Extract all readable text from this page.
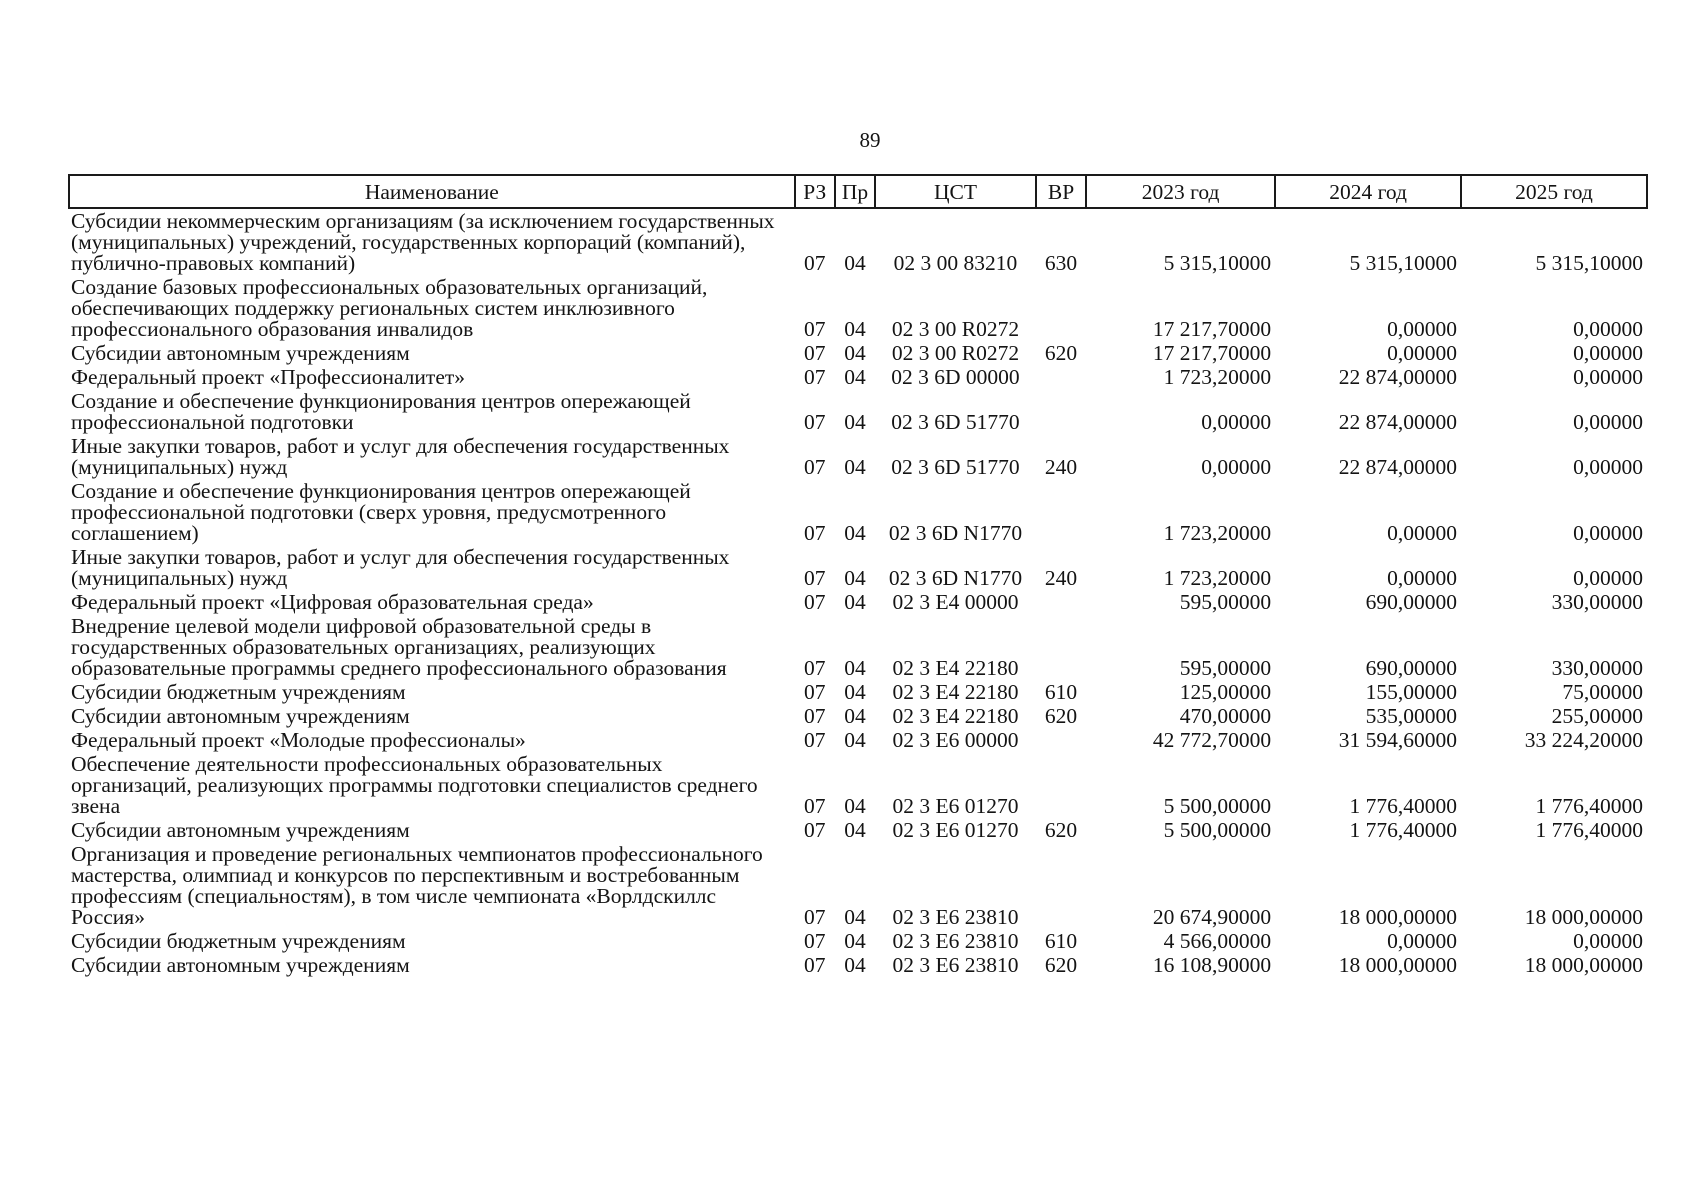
89
Наименование	РЗ	Пр	ЦСТ	ВР	2023 год	2024 год	2025 год
Субсидии некоммерческим организациям (за исключением государственных (муниципальных) учреждений, государственных корпораций (компаний), публично-правовых компаний)	07	04	02 3 00 83210	630	5 315,10000	5 315,10000	5 315,10000
Создание базовых профессиональных образовательных организаций, обеспечивающих поддержку региональных систем инклюзивного профессионального образования инвалидов	07	04	02 3 00 R0272		17 217,70000	0,00000	0,00000
Субсидии автономным учреждениям	07	04	02 3 00 R0272	620	17 217,70000	0,00000	0,00000
Федеральный проект «Профессионалитет»	07	04	02 3 6D 00000		1 723,20000	22 874,00000	0,00000
Создание и обеспечение функционирования центров опережающей профессиональной подготовки	07	04	02 3 6D 51770		0,00000	22 874,00000	0,00000
Иные закупки товаров, работ и услуг для обеспечения государственных (муниципальных) нужд	07	04	02 3 6D 51770	240	0,00000	22 874,00000	0,00000
Создание и обеспечение функционирования центров опережающей профессиональной подготовки (сверх уровня, предусмотренного соглашением)	07	04	02 3 6D N1770		1 723,20000	0,00000	0,00000
Иные закупки товаров, работ и услуг для обеспечения государственных (муниципальных) нужд	07	04	02 3 6D N1770	240	1 723,20000	0,00000	0,00000
Федеральный проект «Цифровая образовательная среда»	07	04	02 3 E4 00000		595,00000	690,00000	330,00000
Внедрение целевой модели цифровой образовательной среды в государственных образовательных организациях, реализующих образовательные программы среднего профессионального образования	07	04	02 3 E4 22180		595,00000	690,00000	330,00000
Субсидии бюджетным учреждениям	07	04	02 3 E4 22180	610	125,00000	155,00000	75,00000
Субсидии автономным учреждениям	07	04	02 3 E4 22180	620	470,00000	535,00000	255,00000
Федеральный проект «Молодые профессионалы»	07	04	02 3 E6 00000		42 772,70000	31 594,60000	33 224,20000
Обеспечение деятельности профессиональных образовательных организаций, реализующих программы подготовки специалистов среднего звена	07	04	02 3 E6 01270		5 500,00000	1 776,40000	1 776,40000
Субсидии автономным учреждениям	07	04	02 3 E6 01270	620	5 500,00000	1 776,40000	1 776,40000
Организация и проведение региональных чемпионатов профессионального мастерства, олимпиад и конкурсов по перспективным и востребованным профессиям (специальностям), в том числе чемпионата «Ворлдскиллс Россия»	07	04	02 3 E6 23810		20 674,90000	18 000,00000	18 000,00000
Субсидии бюджетным учреждениям	07	04	02 3 E6 23810	610	4 566,00000	0,00000	0,00000
Субсидии автономным учреждениям	07	04	02 3 E6 23810	620	16 108,90000	18 000,00000	18 000,00000
